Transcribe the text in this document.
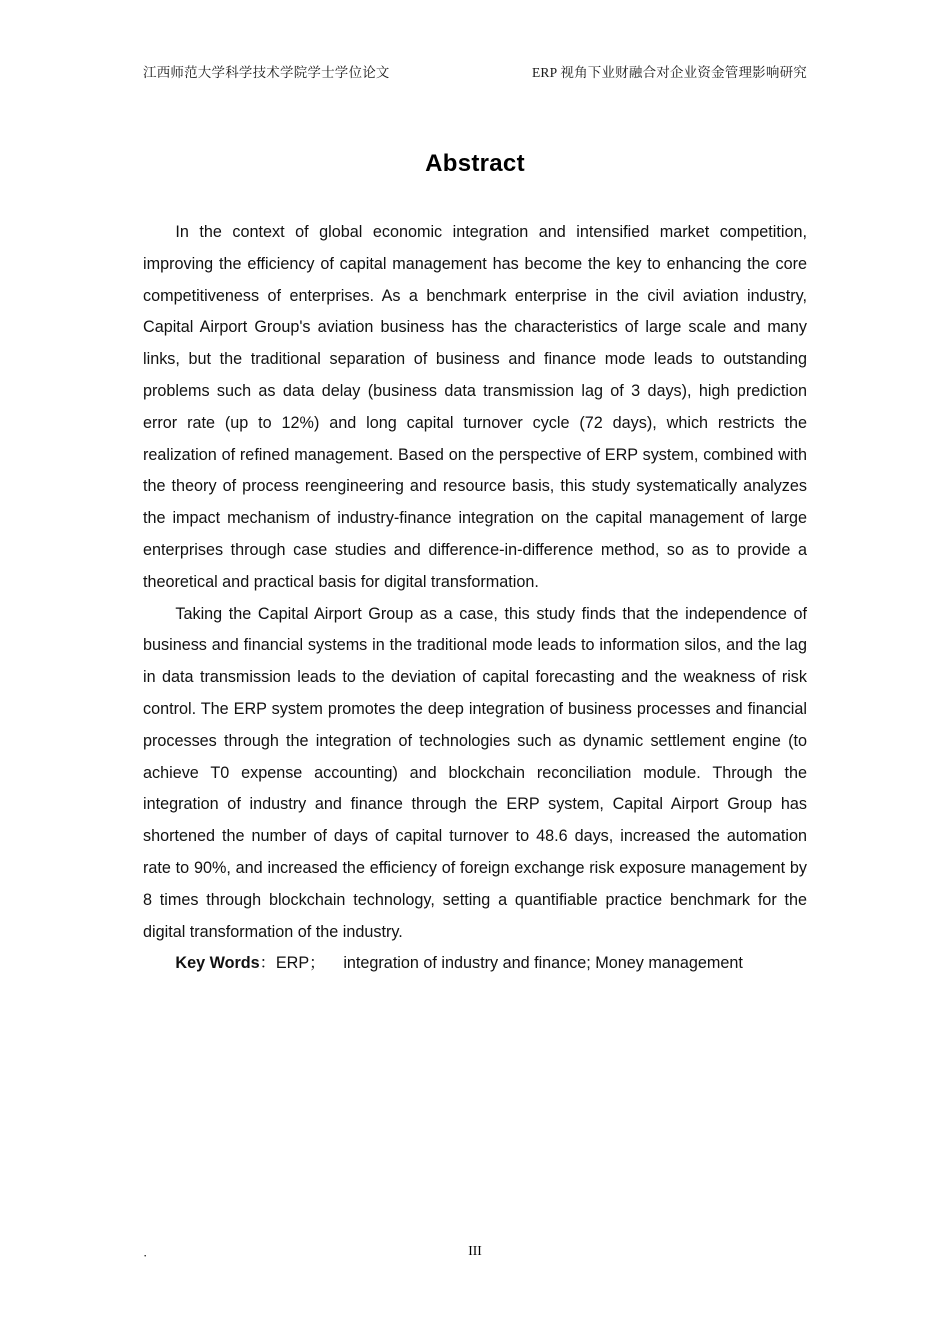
江西师范大学科学技术学院学士学位论文	ERP 视角下业财融合对企业资金管理影响研究
Abstract

In the context of global economic integration and intensified market competition, improving the efficiency of capital management has become the key to enhancing the core competitiveness of enterprises. As a benchmark enterprise in the civil aviation industry, Capital Airport Group's aviation business has the characteristics of large scale and many links, but the traditional separation of business and finance mode leads to outstanding problems such as data delay (business data transmission lag of 3 days), high prediction error rate (up to 12%) and long capital turnover cycle (72 days), which restricts the realization of refined management. Based on the perspective of ERP system, combined with the theory of process reengineering and resource basis, this study systematically analyzes the impact mechanism of industry-finance integration on the capital management of large enterprises through case studies and difference-in-difference method, so as to provide a theoretical and practical basis for digital transformation.

Taking the Capital Airport Group as a case, this study finds that the independence of business and financial systems in the traditional mode leads to information silos, and the lag in data transmission leads to the deviation of capital forecasting and the weakness of risk control. The ERP system promotes the deep integration of business processes and financial processes through the integration of technologies such as dynamic settlement engine (to achieve T0 expense accounting) and blockchain reconciliation module. Through the integration of industry and finance through the ERP system, Capital Airport Group has shortened the number of days of capital turnover to 48.6 days, increased the automation rate to 90%, and increased the efficiency of foreign exchange risk exposure management by 8 times through blockchain technology, setting a quantifiable practice benchmark for the digital transformation of the industry.

Key Words：ERP；    integration of industry and finance; Money management

·	III
